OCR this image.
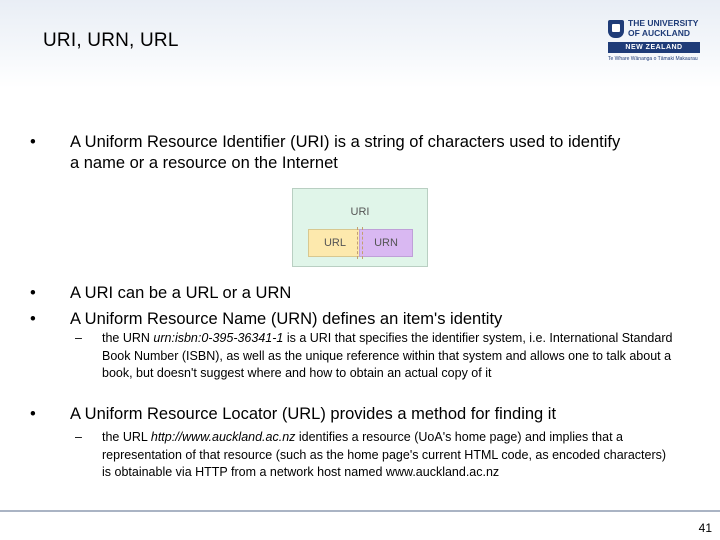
URI, URN, URL
THE UNIVERSITY OF AUCKLAND
NEW ZEALAND
Te Whare Wānanga o Tāmaki Makaurau
• A Uniform Resource Identifier (URI) is a string of characters used to identify
a name or a resource on the Internet
URI
URL	URN
• A URI can be a URL or a URN
• A Uniform Resource Name (URN) defines an item's identity
– the URN urn:isbn:0-395-36341-1 is a URI that specifies the identifier system, i.e. International Standard Book Number (ISBN), as well as the unique reference within that system and allows one to talk about a book, but doesn't suggest where and how to obtain an actual copy of it
• A Uniform Resource Locator (URL) provides a method for finding it
– the URL http://www.auckland.ac.nz identifies a resource (UoA's home page) and implies that a representation of that resource (such as the home page's current HTML code, as encoded characters) is obtainable via HTTP from a network host named www.auckland.ac.nz
41
